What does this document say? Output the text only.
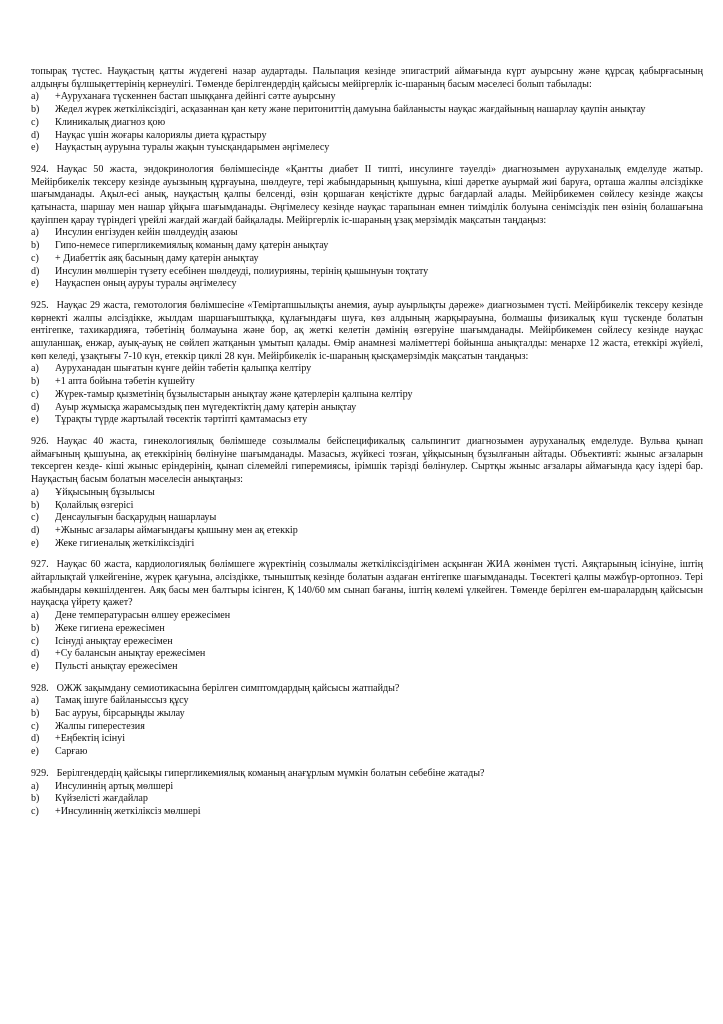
топырақ түстес. Науқастың қатты жүдегені назар аудартады. Пальпация кезінде эпигастрий аймағында күрт ауырсыну және құрсақ қабырғасының алдыңғы бұлшықеттерінің кернеулігі. Төменде берілгендердің қайсысы мейіргерлік іс-шараның басым мәселесі болып табылады:

а)	+Ауруханаға түскеннен бастап шыққанға дейінгі сәтте ауырсыну
b)	Жедел жүрек жеткіліксіздігі, асқазаннан қан кету және перитониттің дамуына байланысты науқас жағдайының нашарлау қаупін анықтау
c)	Клиникалық диагноз қою
d)	Науқас үшін жоғары калориялы диета құрастыру
e)	Науқастың ауруына туралы жақын туысқандарымен әңгімелесу

924. Науқас 50 жаста, эндокринология бөлімшесінде «Қантты диабет ІІ типті, инсулинге тәуелді» диагнозымен ауруханалық емделуде жатыр. Мейірбикелік тексеру кезінде ауызының құрғауына, шөлдеуге, тері жабындарының қышуына, кіші дәретке ауырмай жиі баруға, орташа жалпы әлсіздікке шағымданады. Ақыл-есі анық, науқастың қалпы белсенді, өзін қоршаған кеңістікте дұрыс бағдарлай алады. Мейірбикемен сөйлесу кезінде жақсы қатынаста, шаршау мен нашар ұйқыға шағымданады. Әңгімелесу кезінде науқас тарапынан емнен тиімділік болуына сенімсіздік пен өзінің болашағына қауіппен қарау түріндегі үрейлі жағдай жағдай байқалады. Мейіргерлік іс-шараның ұзақ мерзімдік мақсатын таңдаңыз:

а)	Инсулин енгізуден кейін шөлдеудің азаюы
b)	Гипо-немесе гипергликемиялық команың даму қатерін анықтау
c)	+ Диабеттік аяқ басының даму қатерін анықтау
d)	Инсулин мөлшерін түзету есебінен шөлдеуді, полиурияны, терінің қышынуын тоқтату
e)	Науқаспен оның ауруы туралы әңгімелесу

925. Науқас 29 жаста, гемотология бөлімшесіне «Теміртапшылықты анемия, ауыр ауырлықты дәреже» диагнозымен түсті. Мейірбикелік тексеру кезінде көрнекті жалпы әлсіздікке, жылдам шаршағыштыққа, құлағындағы шуға, көз алдының жарқырауына, болмашы физикалық күш түскенде болатын ентігепке, тахикардияға, тәбетінің болмауына және бор, ақ жеткі келетін дәмінің өзгеруіне шағымданады. Мейірбикемен сөйлесу кезінде науқас ашуланшақ, енжар, ауық-ауық не сөйлеп жатқанын ұмытып қалады. Өмір анамнезі мәліметтері бойынша анықталды: менархе 12 жаста, етеккірі жүйелі, көп келеді, ұзақтығы 7-10 күн, етеккір циклі 28 күн. Мейірбикелік іс-шараның қысқамерзімдік мақсатын таңдаңыз:

а)	Ауруханадан шығатын күнге дейін тәбетін қалыпқа келтіру
b)	+1 апта бойына тәбетін күшейту
c)	Жүрек-тамыр қызметінің бұзылыстарын анықтау және қатерлерін қалпына келтіру
d)	Ауыр жұмысқа жарамсыздық пен мүгедектіктің даму қатерін анықтау
e)	Тұрақты түрде жартылай төсектік тәртіпті қамтамасыз ету

926. Науқас 40 жаста, гинекологиялық бөлімшеде созылмалы бейспецификалық сальпингит диагнозымен ауруханалық емделуде. Вульва қынап аймағының қышуына, ақ етеккірінің бөлінуіне шағымданады. Мазасыз, жүйкесі тозған, ұйқысының бұзылғанын айтады. Объективті: жыныс ағзаларын тексерген кезде- кіші жыныс еріндерінің, қынап сілемейлі гиперемиясы, ірімшік тәрізді бөлінулер. Сыртқы жыныс ағзалары аймағында қасу іздері бар. Науқастың басым болатын мәселесін анықтаңыз:

а)	Ұйқысының бұзылысы
b)	Қолайлық өзгерісі
c)	Денсаулығын басқарудың нашарлауы
d)	+Жыныс ағзалары аймағындағы қышыну мен ақ етеккір
e)	Жеке гигиеналық жеткіліксіздігі

927. Науқас 60 жаста, кардиологиялық бөлімшеге жүректінің созылмалы жеткіліксіздігімен асқынған ЖИА жөнімен түсті. Аяқтарының ісінуіне, іштің айтарлықтай үлкейгеніне, жүрек қағуына, әлсіздікке, тыныштық кезінде болатын аздаған ентігепке шағымданады. Төсектегі қалпы мәжбүр-ортопноэ. Тері жабындары көкшілденген. Аяқ басы мен балтыры ісінген, Қ 140/60 мм сынап бағаны, іштің көлемі үлкейген. Төменде берілген ем-шаралардың қайсысын науқасқа үйрету қажет?

а)	Дене температурасын өлшеу ережесімен
b)	Жеке гигиена ережесімен
c)	Ісінуді анықтау ережесімен
d)	+Су балансын анықтау ережесімен
e)	Пульсті анықтау ережесімен

928. ОЖЖ зақымдану семиотикасына берілген симптомдардың қайсысы жатпайды?

а)	Тамақ ішуге байланыссыз құсу
b)	Бас ауруы, бірсарыңды жылау
c)	Жалпы гиперестезия
d)	+Еңбектің ісінуі
e)	Сарғаю

929. Берілгендердің қайсықы гипергликемиялық команың анағұрлым мүмкін болатын себебіне жатады?

а)	Инсулиннің артық мөлшері
b)	Күйзелісті жағдайлар
c)	+Инсулиннің жеткіліксіз мөлшері
